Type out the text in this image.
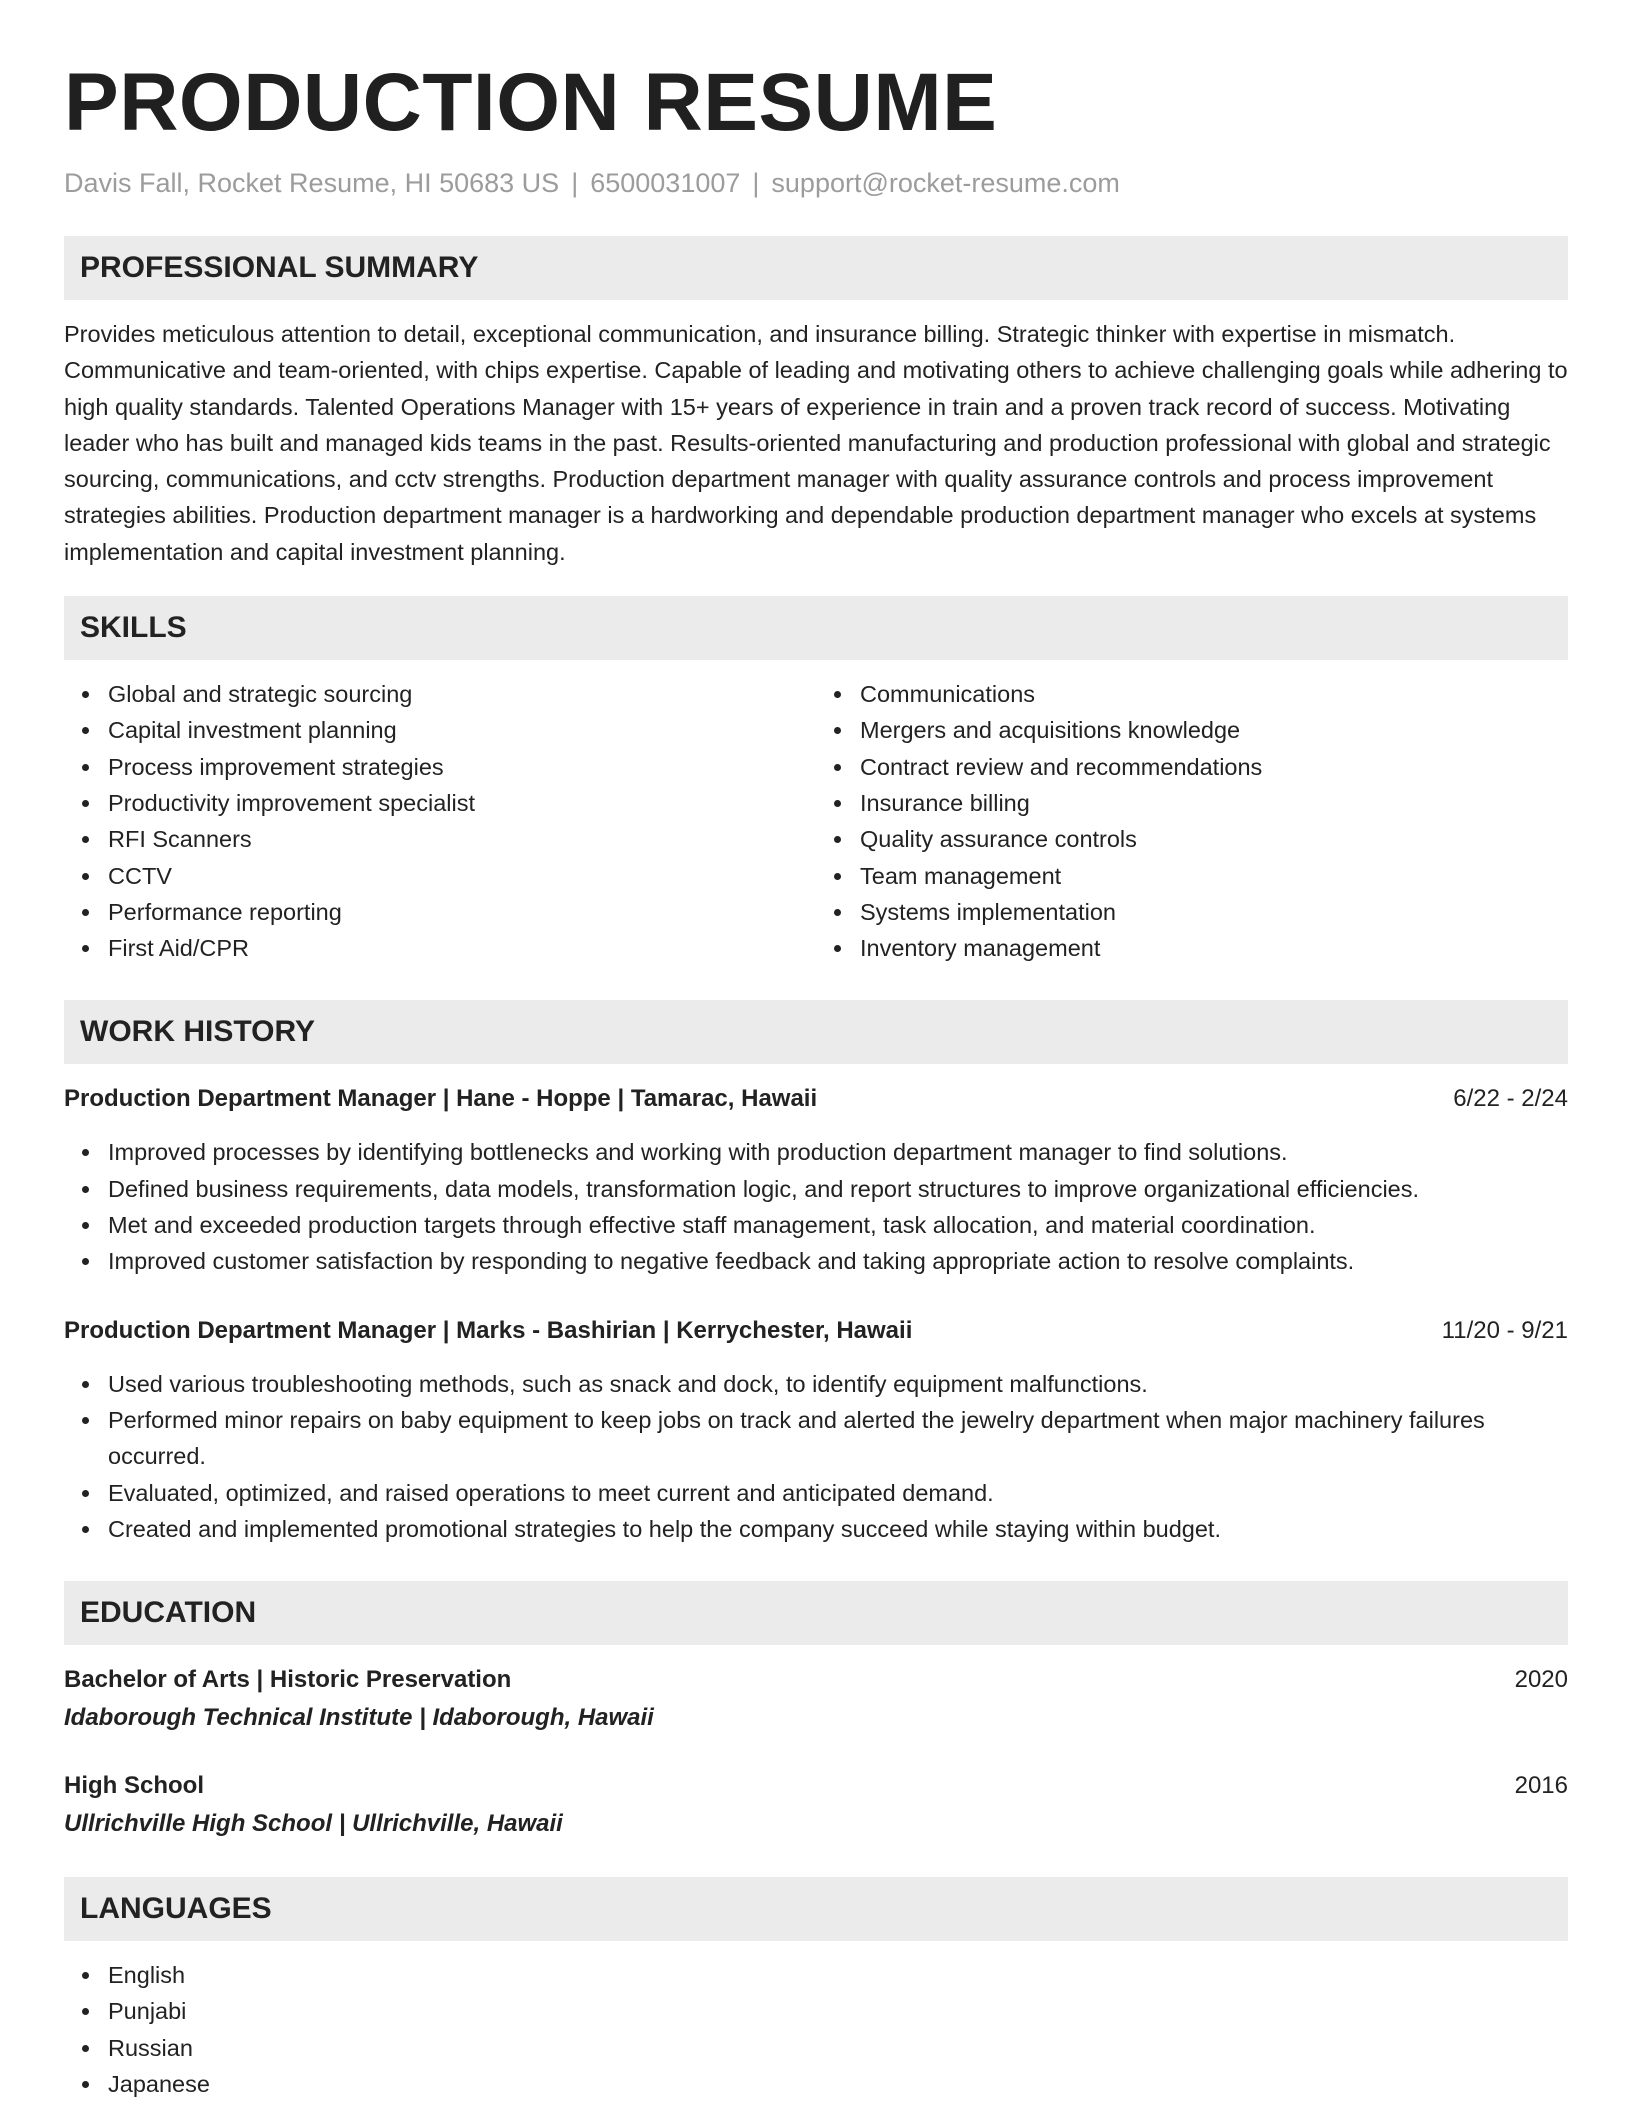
PRODUCTION RESUME
Davis Fall, Rocket Resume, HI 50683 US | 6500031007 | support@rocket-resume.com
PROFESSIONAL SUMMARY

Provides meticulous attention to detail, exceptional communication, and insurance billing. Strategic thinker with expertise in mismatch. Communicative and team-oriented, with chips expertise. Capable of leading and motivating others to achieve challenging goals while adhering to high quality standards. Talented Operations Manager with 15+ years of experience in train and a proven track record of success. Motivating leader who has built and managed kids teams in the past. Results-oriented manufacturing and production professional with global and strategic sourcing, communications, and cctv strengths. Production department manager with quality assurance controls and process improvement strategies abilities. Production department manager is a hardworking and dependable production department manager who excels at systems implementation and capital investment planning.

SKILLS
Global and strategic sourcing
Capital investment planning
Process improvement strategies
Productivity improvement specialist
RFI Scanners
CCTV
Performance reporting
First Aid/CPR
Communications
Mergers and acquisitions knowledge
Contract review and recommendations
Insurance billing
Quality assurance controls
Team management
Systems implementation
Inventory management
WORK HISTORY
Production Department Manager | Hane - Hoppe | Tamarac, Hawaii	6/22 - 2/24
Improved processes by identifying bottlenecks and working with production department manager to find solutions.
Defined business requirements, data models, transformation logic, and report structures to improve organizational efficiencies.
Met and exceeded production targets through effective staff management, task allocation, and material coordination.
Improved customer satisfaction by responding to negative feedback and taking appropriate action to resolve complaints.
Production Department Manager | Marks - Bashirian | Kerrychester, Hawaii	11/20 - 9/21
Used various troubleshooting methods, such as snack and dock, to identify equipment malfunctions.
Performed minor repairs on baby equipment to keep jobs on track and alerted the jewelry department when major machinery failures occurred.
Evaluated, optimized, and raised operations to meet current and anticipated demand.
Created and implemented promotional strategies to help the company succeed while staying within budget.
EDUCATION
Bachelor of Arts | Historic Preservation	2020
Idaborough Technical Institute | Idaborough, Hawaii
High School	2016
Ullrichville High School | Ullrichville, Hawaii
LANGUAGES
English
Punjabi
Russian
Japanese
